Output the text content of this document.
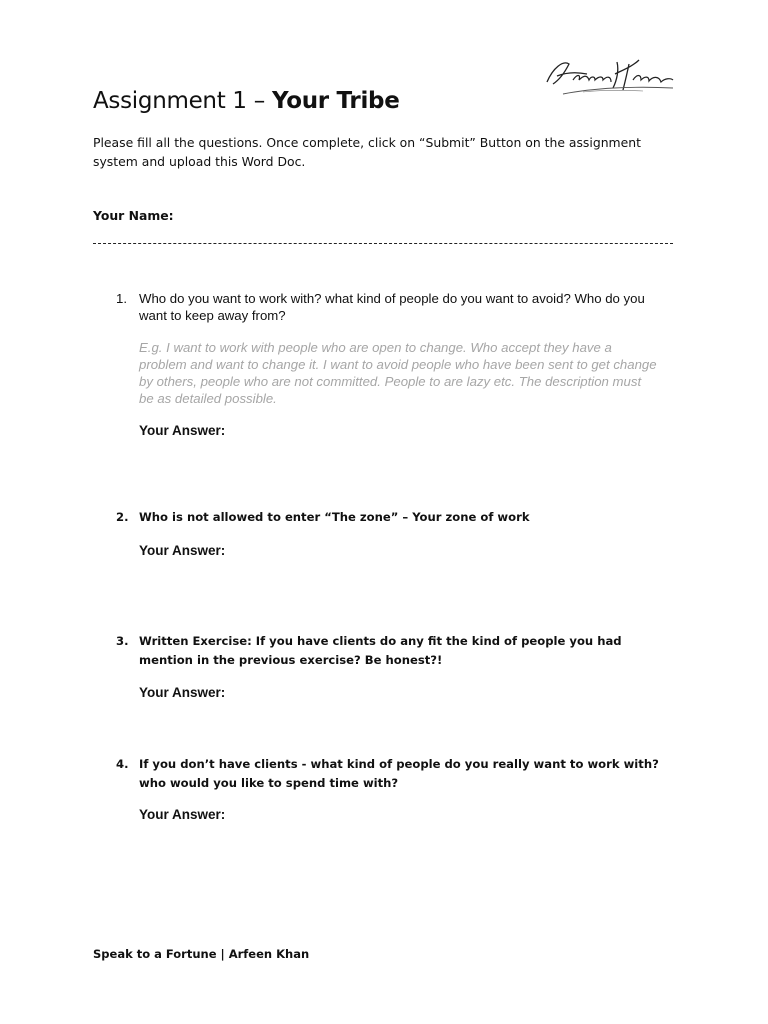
Assignment 1 – Your Tribe

Please fill all the questions. Once complete, click on “Submit” Button on the assignment system and upload this Word Doc.

Your Name:

1. Who do you want to work with? what kind of people do you want to avoid? Who do you want to keep away from?

E.g. I want to work with people who are open to change. Who accept they have a problem and want to change it. I want to avoid people who have been sent to get change by others, people who are not committed. People to are lazy etc. The description must be as detailed possible.

Your Answer:

2. Who is not allowed to enter “The zone” – Your zone of work

Your Answer:

3. Written Exercise: If you have clients do any fit the kind of people you had mention in the previous exercise? Be honest?!

Your Answer:

4. If you don’t have clients - what kind of people do you really want to work with? who would you like to spend time with?

Your Answer:

Speak to a Fortune | Arfeen Khan
